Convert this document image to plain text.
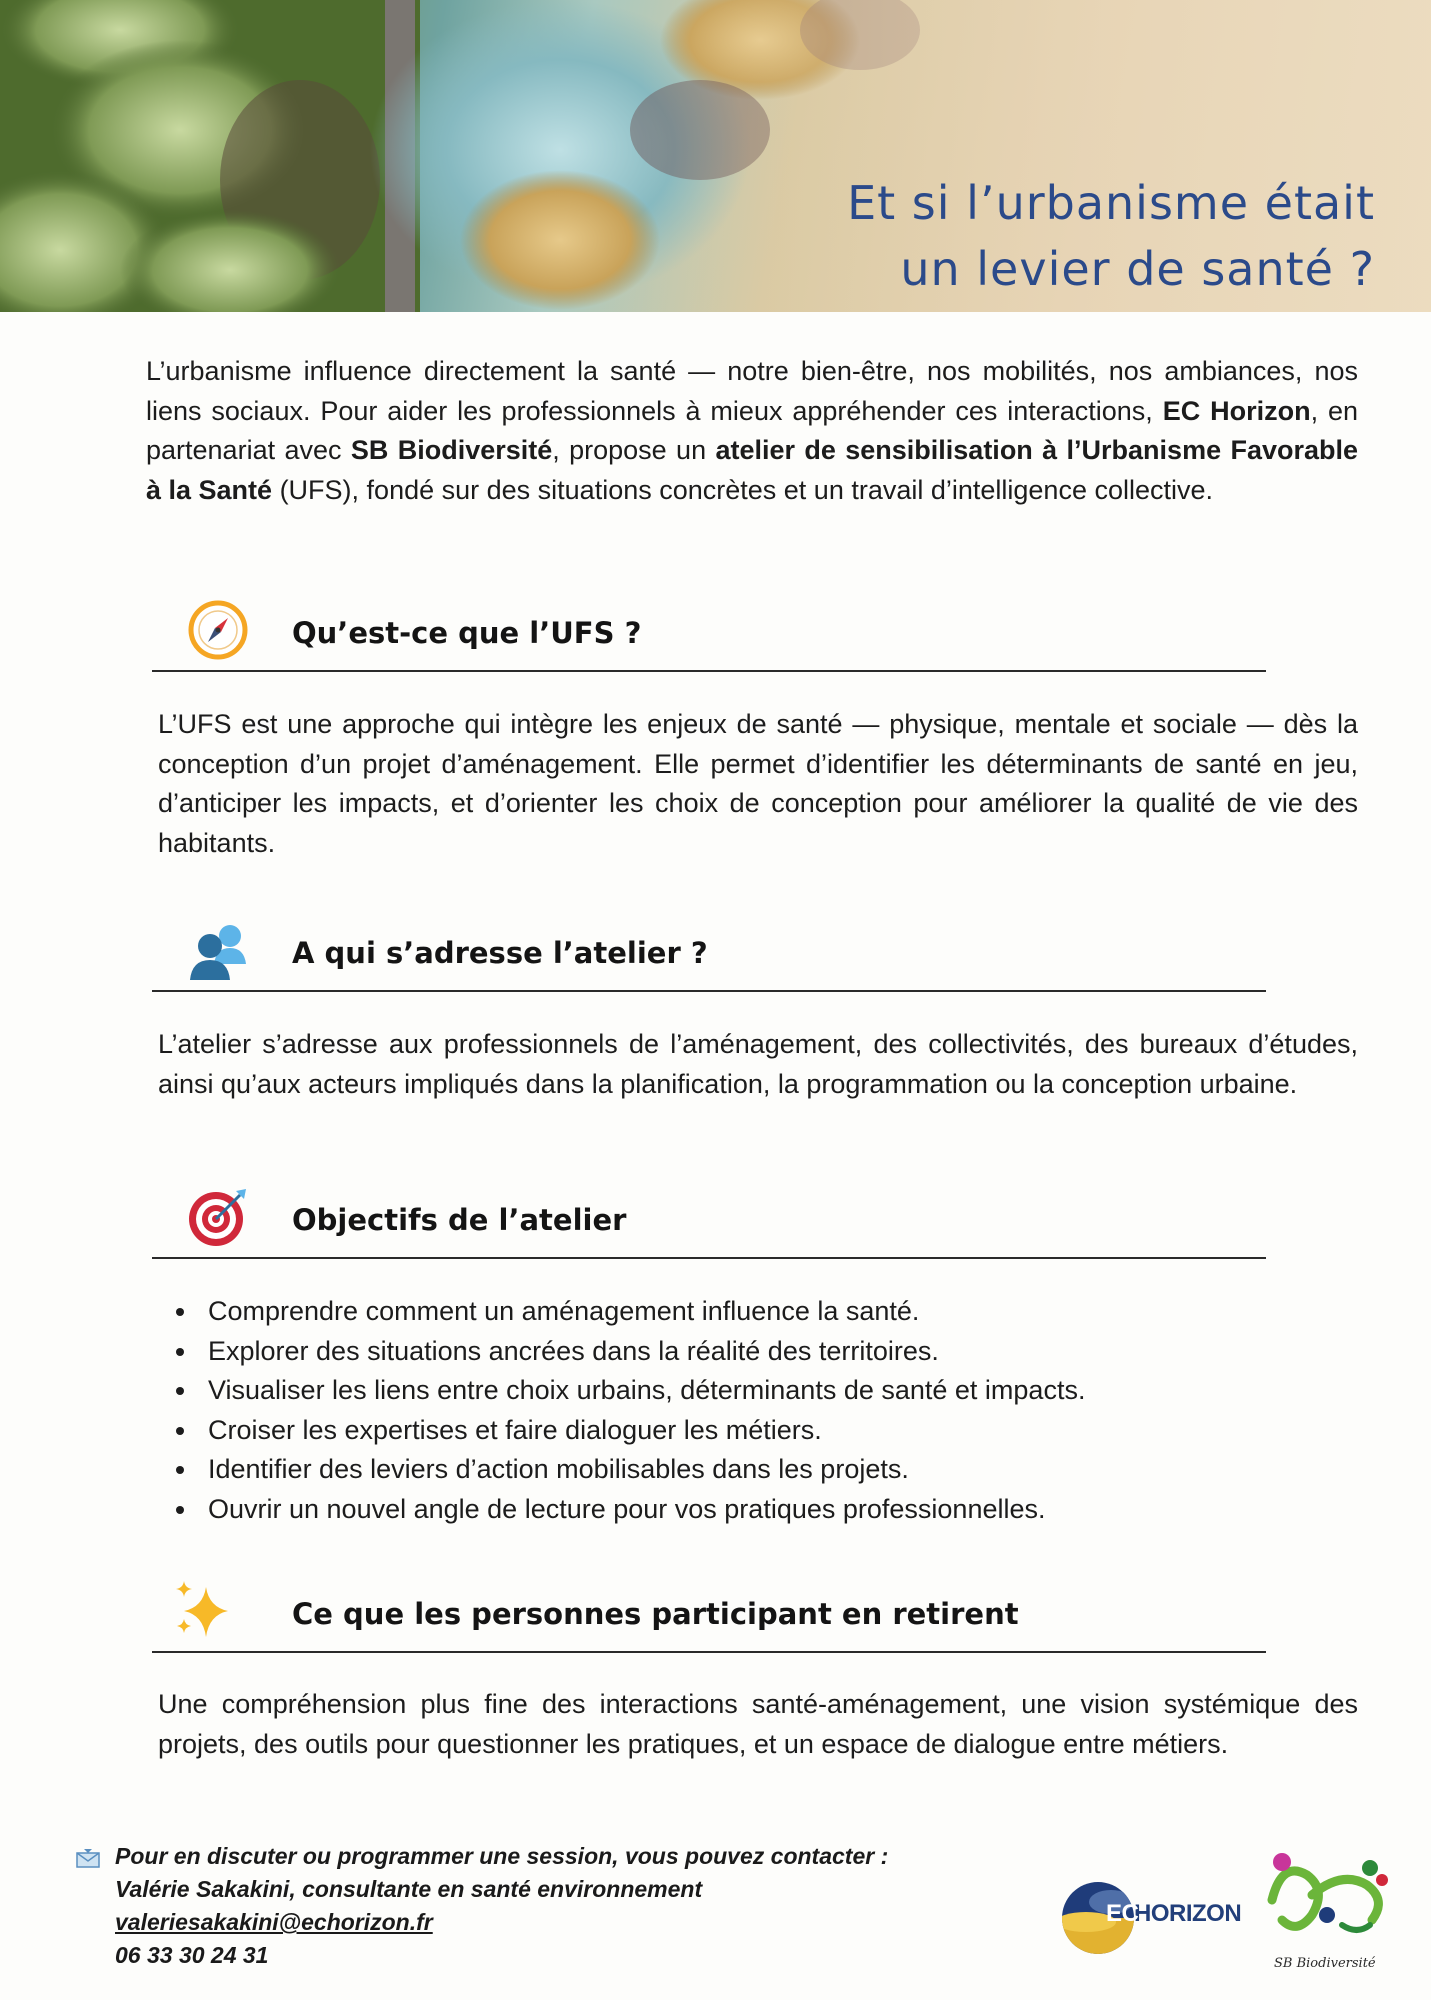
Et si l’urbanisme était
un levier de santé ?
L’urbanisme influence directement la santé — notre bien-être, nos mobilités, nos ambiances, nos liens sociaux. Pour aider les professionnels à mieux appréhender ces interactions, EC Horizon, en partenariat avec SB Biodiversité, propose un atelier de sensibilisation à l’Urbanisme Favorable à la Santé (UFS), fondé sur des situations concrètes et un travail d’intelligence collective.
Qu’est-ce que l’UFS ?
L’UFS est une approche qui intègre les enjeux de santé — physique, mentale et sociale — dès la conception d’un projet d’aménagement. Elle permet d’identifier les déterminants de santé en jeu, d’anticiper les impacts, et d’orienter les choix de conception pour améliorer la qualité de vie des habitants.
A qui s’adresse l’atelier ?
L’atelier s’adresse aux professionnels de l’aménagement, des collectivités, des bureaux d’études, ainsi qu’aux acteurs impliqués dans la planification, la programmation ou la conception urbaine.
Objectifs de l’atelier
Comprendre comment un aménagement influence la santé.
Explorer des situations ancrées dans la réalité des territoires.
Visualiser les liens entre choix urbains, déterminants de santé et impacts.
Croiser les expertises et faire dialoguer les métiers.
Identifier des leviers d’action mobilisables dans les projets.
Ouvrir un nouvel angle de lecture pour vos pratiques professionnelles.
Ce que les personnes participant en retirent
Une compréhension plus fine des interactions santé-aménagement, une vision systémique des projets, des outils pour questionner les pratiques, et un espace de dialogue entre métiers.
Pour en discuter ou programmer une session, vous pouvez contacter :
Valérie Sakakini, consultante en santé environnement
valeriesakakini@echorizon.fr
06 33 30 24 31
EC
HORIZON
SB Biodiversité
